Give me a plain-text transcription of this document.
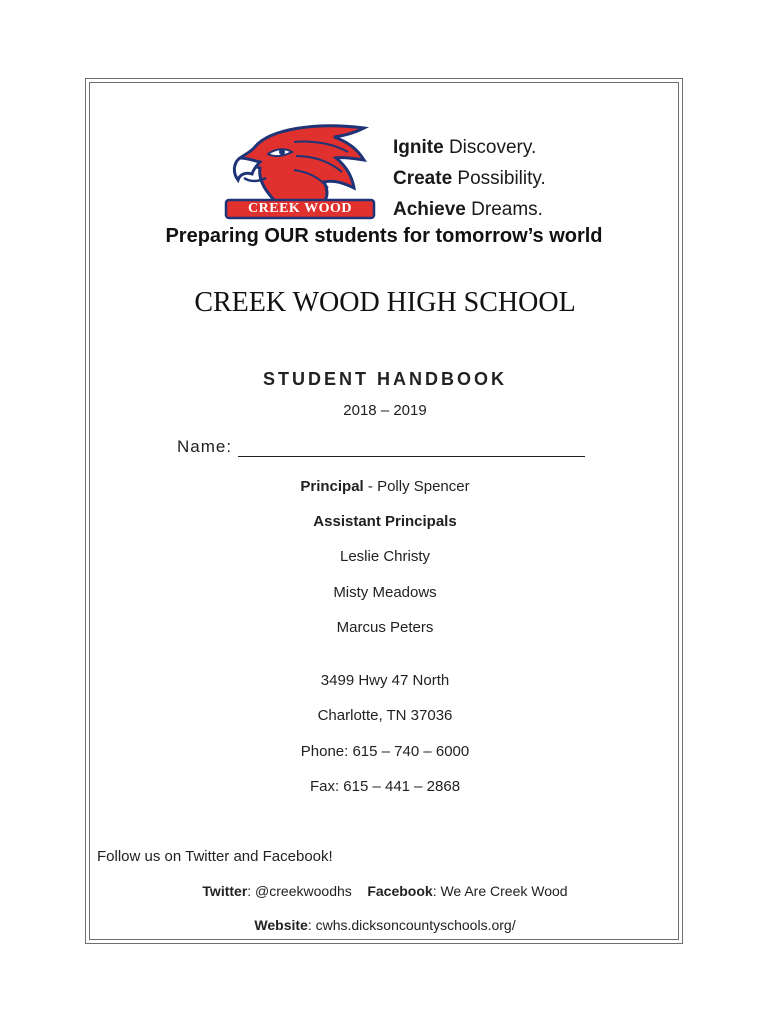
CREEK WOOD
Ignite Discovery.
Create Possibility.
Achieve Dreams.
Preparing OUR students for tomorrow’s world
CREEK WOOD HIGH SCHOOL
STUDENT HANDBOOK
2018 – 2019
Name:
Principal - Polly Spencer
Assistant Principals
Leslie Christy
Misty Meadows
Marcus Peters
3499 Hwy 47 North
Charlotte, TN 37036
Phone: 615 – 740 – 6000
Fax: 615 – 441 – 2868
Follow us on Twitter and Facebook!
Twitter: @creekwoodhs Facebook: We Are Creek Wood
Website: cwhs.dicksoncountyschools.org/
